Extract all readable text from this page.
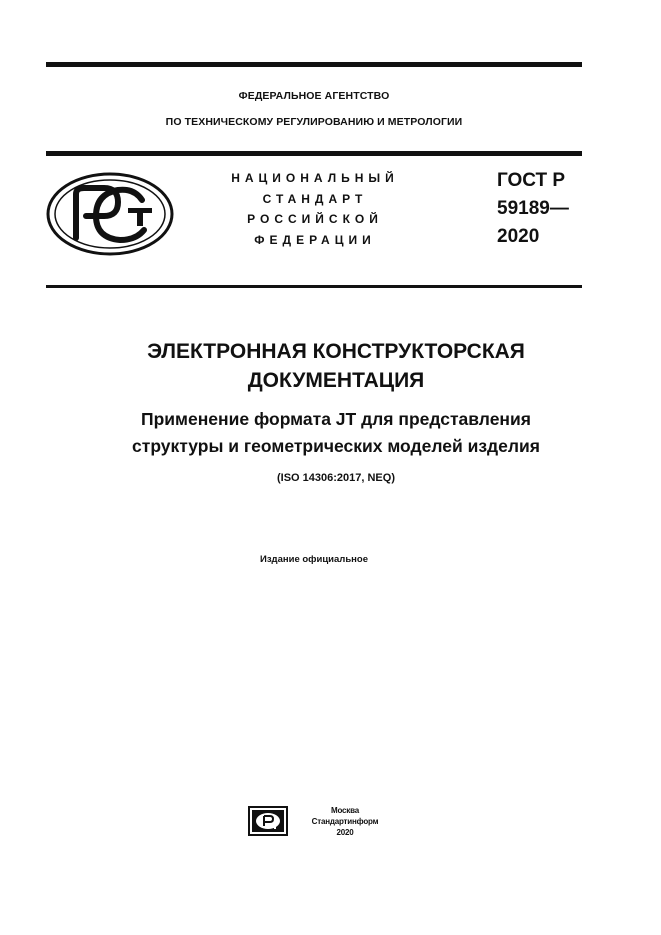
ФЕДЕРАЛЬНОЕ АГЕНТСТВО
ПО ТЕХНИЧЕСКОМУ РЕГУЛИРОВАНИЮ И МЕТРОЛОГИИ
НАЦИОНАЛЬНЫЙ
СТАНДАРТ
РОССИЙСКОЙ
ФЕДЕРАЦИИ
ГОСТ Р
59189—
2020
ЭЛЕКТРОННАЯ КОНСТРУКТОРСКАЯ
ДОКУМЕНТАЦИЯ
Применение формата JT для представления
структуры и геометрических моделей изделия
(ISO 14306:2017, NEQ)
Издание официальное
Москва
Стандартинформ
2020
